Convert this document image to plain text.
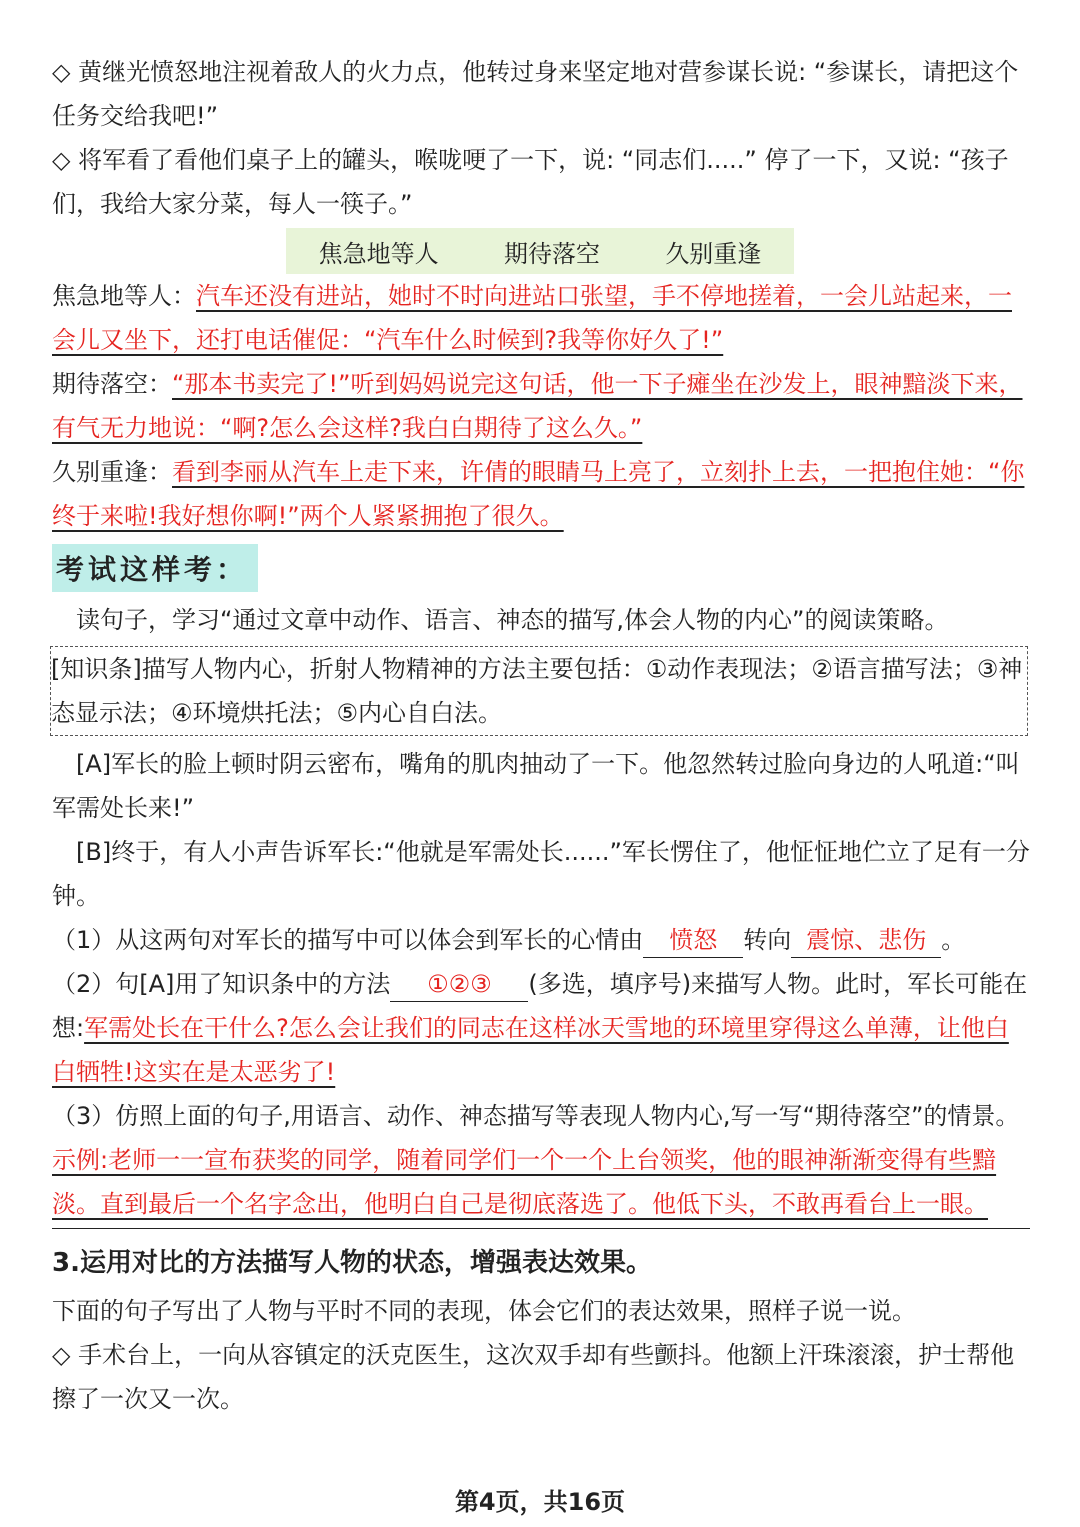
◇ 黄继光愤怒地注视着敌人的火力点，他转过身来坚定地对营参谋长说: “参谋长，请把这个任务交给我吧!”

◇ 将军看了看他们桌子上的罐头，喉咙哽了一下，说: “同志们.....” 停了一下，又说: “孩子们，我给大家分菜，每人一筷子。”

焦急地等人	期待落空	久别重逢

焦急地等人：汽车还没有进站，她时不时向进站口张望，手不停地搓着，一会儿站起来，一会儿又坐下，还打电话催促：“汽车什么时候到?我等你好久了!”

期待落空：“那本书卖完了!”听到妈妈说完这句话，他一下子瘫坐在沙发上，眼神黯淡下来，有气无力地说：“啊?怎么会这样?我白白期待了这么久。”

久别重逢：看到李丽从汽车上走下来，许倩的眼睛马上亮了，立刻扑上去，一把抱住她：“你终于来啦!我好想你啊!”两个人紧紧拥抱了很久。

考试这样考：

读句子，学习“通过文章中动作、语言、神态的描写,体会人物的内心”的阅读策略。

[知识条]描写人物内心，折射人物精神的方法主要包括：①动作表现法；②语言描写法；③神态显示法；④环境烘托法；⑤内心自白法。

[A]军长的脸上顿时阴云密布，嘴角的肌肉抽动了一下。他忽然转过脸向身边的人吼道:“叫军需处长来!”

[B]终于，有人小声告诉军长:“他就是军需处长......”军长愣住了，他怔怔地伫立了足有一分钟。

（1）从这两句对军长的描写中可以体会到军长的心情由 愤怒 转向 震惊、悲伤 。

（2）句[A]用了知识条中的方法 ①②③ (多选，填序号)来描写人物。此时，军长可能在想:军需处长在干什么?怎么会让我们的同志在这样冰天雪地的环境里穿得这么单薄，让他白白牺牲!这实在是太恶劣了!

（3）仿照上面的句子,用语言、动作、神态描写等表现人物内心,写一写“期待落空”的情景。

示例:老师一一宣布获奖的同学，随着同学们一个一个上台领奖，他的眼神渐渐变得有些黯淡。直到最后一个名字念出，他明白自己是彻底落选了。他低下头，不敢再看台上一眼。

3.运用对比的方法描写人物的状态，增强表达效果。

下面的句子写出了人物与平时不同的表现，体会它们的表达效果，照样子说一说。

◇ 手术台上，一向从容镇定的沃克医生，这次双手却有些颤抖。他额上汗珠滚滚，护士帮他擦了一次又一次。

第4页，共16页
